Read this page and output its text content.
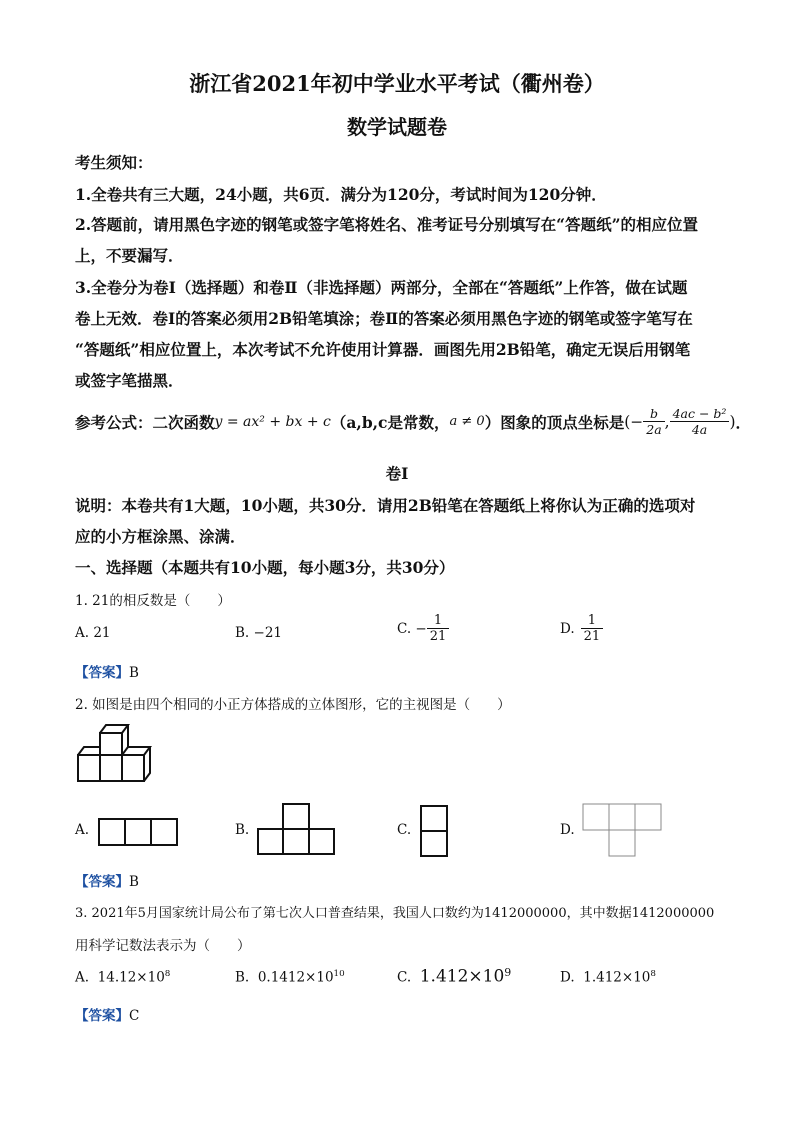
浙江省2021年初中学业水平考试（衢州卷）
数学试题卷
考生须知：
1.全卷共有三大题，24小题，共6页．满分为120分，考试时间为120分钟．
2.答题前，请用黑色字迹的钢笔或签字笔将姓名、准考证号分别填写在“答题纸”的相应位置
上，不要漏写．
3.全卷分为卷Ⅰ（选择题）和卷Ⅱ（非选择题）两部分，全部在“答题纸”上作答，做在试题
卷上无效．卷Ⅰ的答案必须用2B铅笔填涂；卷Ⅱ的答案必须用黑色字迹的钢笔或签字笔写在
“答题纸”相应位置上，本次考试不允许使用计算器．画图先用2B铅笔，确定无误后用钢笔
或签字笔描黑．
参考公式：二次函数 y = ax² + bx + c （a,b,c是常数， a ≠ 0 ）图象的顶点坐标是 (− $\frac{b}{2a}$ , $\frac{\text{4ac − b²}}{4a}$ ) ．
卷Ⅰ
说明：本卷共有1大题，10小题，共30分．请用2B铅笔在答题纸上将你认为正确的选项对
应的小方框涂黑、涂满．
一、选择题（本题共有10小题，每小题3分，共30分）
1. 21的相反数是（　　）
A. 21	B. −21	C. − $\frac{1}{21}$	D. $\frac{1}{21}$
【答案】B
2. 如图是由四个相同的小正方体搭成的立体图形，它的主视图是（　　）
A.	B.	C.	D.
【答案】B
3. 2021年5月国家统计局公布了第七次人口普查结果，我国人口数约为1412000000，其中数据1412000000
用科学记数法表示为（　　）
A. $14.12\times 10^8$	B. $0.1412\times 10^{10}$	C. $1.412\times 10^9$	D. $1.412\times 10^8$
【答案】C
